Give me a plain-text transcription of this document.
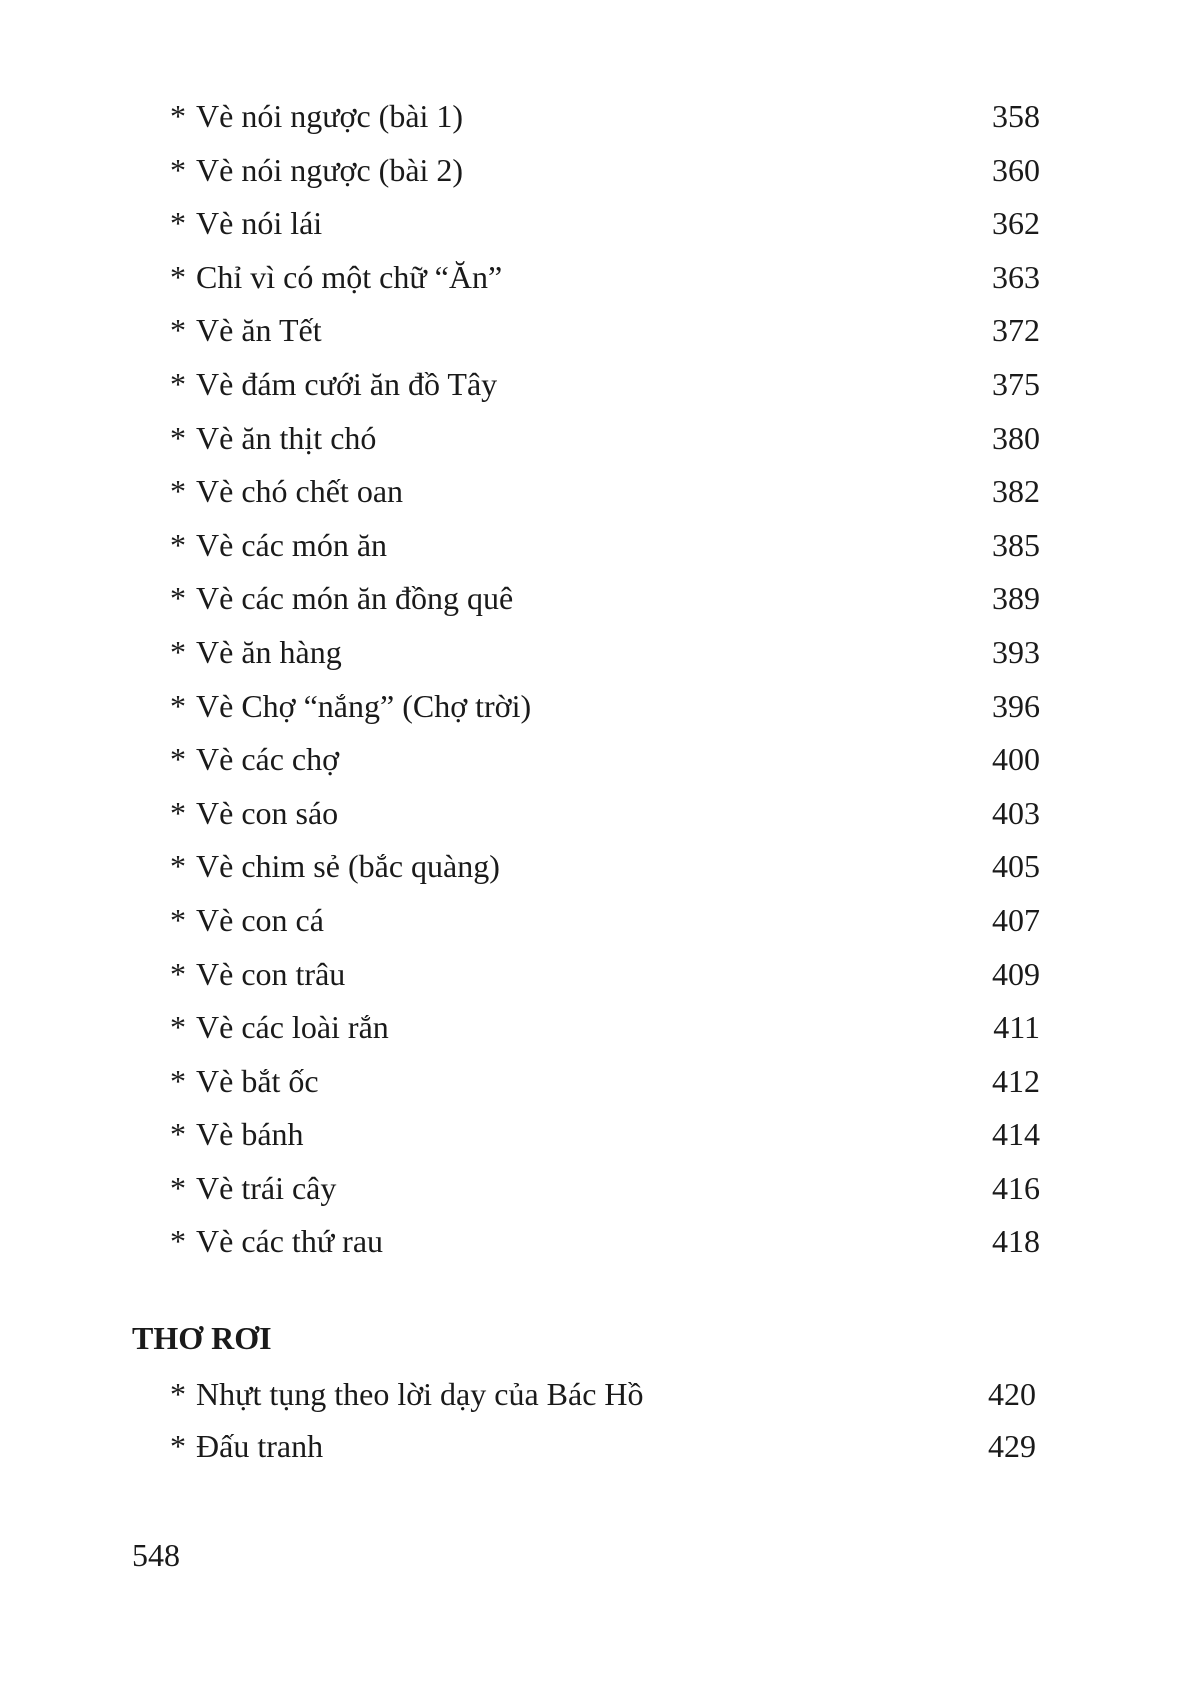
* Vè nói ngược (bài 1)	358
* Vè nói ngược (bài 2)	360
* Vè nói lái	362
* Chỉ vì có một chữ “Ăn”	363
* Vè ăn Tết	372
* Vè đám cưới ăn đồ Tây	375
* Vè ăn thịt chó	380
* Vè chó chết oan	382
* Vè các món ăn	385
* Vè các món ăn đồng quê	389
* Vè ăn hàng	393
* Vè Chợ “nắng” (Chợ trời)	396
* Vè các chợ	400
* Vè con sáo	403
* Vè chim sẻ (bắc quàng)	405
* Vè con cá	407
* Vè con trâu	409
* Vè các loài rắn	411
* Vè bắt ốc	412
* Vè bánh	414
* Vè trái cây	416
* Vè các thứ rau	418
THƠ RƠI
* Nhựt tụng theo lời dạy của Bác Hồ	420
* Đấu tranh	429
548
